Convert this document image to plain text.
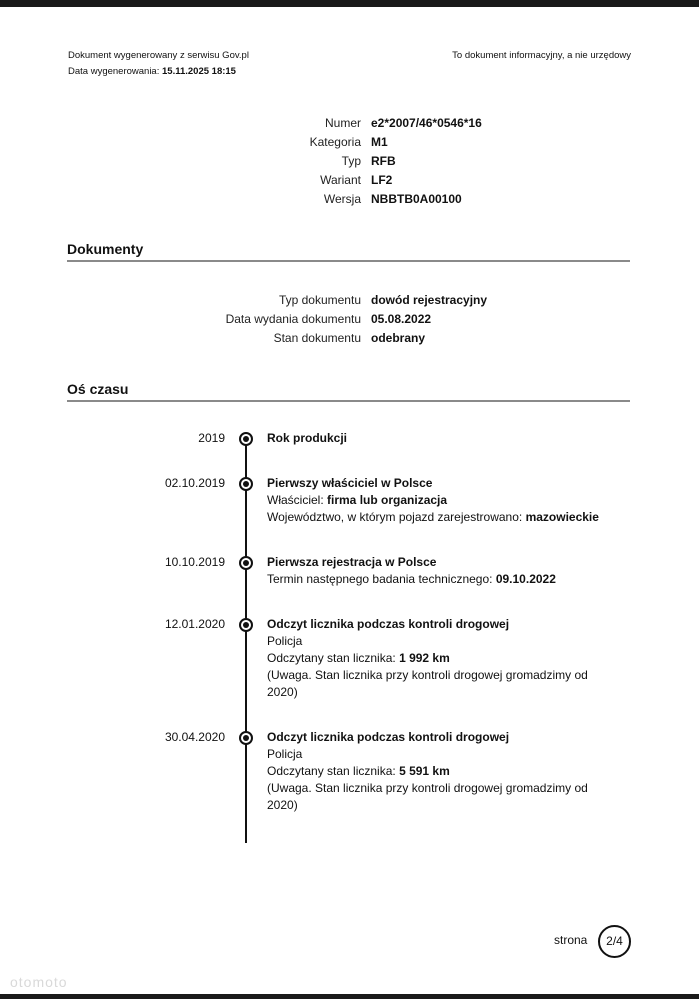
Dokument wygenerowany z serwisu Gov.pl
Data wygenerowania: 15.11.2025 18:15
To dokument informacyjny, a nie urzędowy
Numer e2*2007/46*0546*16
Kategoria M1
Typ RFB
Wariant LF2
Wersja NBBTB0A00100
Dokumenty
Typ dokumentu dowód rejestracyjny
Data wydania dokumentu 05.08.2022
Stan dokumentu odebrany
Oś czasu
2019	Rok produkcji
02.10.2019	Pierwszy właściciel w Polsce
Właściciel: firma lub organizacja
Województwo, w którym pojazd zarejestrowano: mazowieckie
10.10.2019	Pierwsza rejestracja w Polsce
Termin następnego badania technicznego: 09.10.2022
12.01.2020	Odczyt licznika podczas kontroli drogowej
Policja
Odczytany stan licznika: 1 992 km
(Uwaga. Stan licznika przy kontroli drogowej gromadzimy od 2020)
30.04.2020	Odczyt licznika podczas kontroli drogowej
Policja
Odczytany stan licznika: 5 591 km
(Uwaga. Stan licznika przy kontroli drogowej gromadzimy od 2020)
strona	2/4
otomoto
